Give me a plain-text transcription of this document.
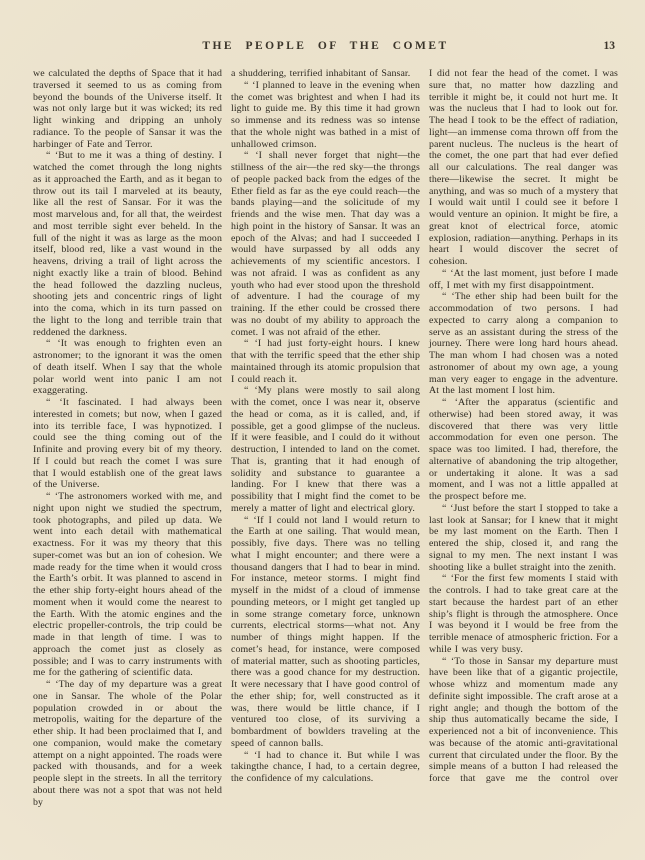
THE PEOPLE OF THE COMET	13

we calculated the depths of Space that it had traversed it seemed to us as coming from beyond the bounds of the Universe itself. It was not only large but it was wicked; its red light winking and dripping an unholy radiance. To the people of Sansar it was the harbinger of Fate and Terror.

“ ‘But to me it was a thing of destiny. I watched the comet through the long nights as it approached the Earth, and as it began to throw out its tail I marveled at its beauty, like all the rest of Sansar. For it was the most marvelous and, for all that, the weirdest and most terrible sight ever beheld. In the full of the night it was as large as the moon itself, blood red, like a vast wound in the heavens, driving a trail of light across the night exactly like a train of blood. Behind the head followed the dazzling nucleus, shooting jets and concentric rings of light into the coma, which in its turn passed on the light to the long and terrible train that reddened the darkness.

“ ‘It was enough to frighten even an astronomer; to the ignorant it was the omen of death itself. When I say that the whole polar world went into panic I am not exaggerating.

“ ‘It fascinated. I had always been interested in comets; but now, when I gazed into its terrible face, I was hypnotized. I could see the thing coming out of the Infinite and proving every bit of my theory. If I could but reach the comet I was sure that I would establish one of the great laws of the Universe.

“ ‘The astronomers worked with me, and night upon night we studied the spectrum, took photographs, and piled up data. We went into each detail with mathematical exactness. For it was my theory that this super-comet was but an ion of cohesion. We made ready for the time when it would cross the Earth’s orbit. It was planned to ascend in the ether ship forty-eight hours ahead of the moment when it would come the nearest to the Earth. With the atomic engines and the electric propeller-controls, the trip could be made in that length of time. I was to approach the comet just as closely as possible; and I was to carry instruments with me for the gathering of scientific data.

“ ‘The day of my departure was a great one in Sansar. The whole of the Polar population crowded in or about the metropolis, waiting for the departure of the ether ship. It had been proclaimed that I, and one companion, would make the cometary attempt on a night appointed. The roads were packed with thousands, and for a week people slept in the streets. In all the territory about there was not a spot that was not held by

a shuddering, terrified inhabitant of Sansar.

“ ‘I planned to leave in the evening when the comet was brightest and when I had its light to guide me. By this time it had grown so immense and its redness was so intense that the whole night was bathed in a mist of unhallowed crimson.

“ ‘I shall never forget that night—the stillness of the air—the red sky—the throngs of people packed back from the edges of the Ether field as far as the eye could reach—the bands playing—and the solicitude of my friends and the wise men. That day was a high point in the history of Sansar. It was an epoch of the Alvas; and had I succeeded I would have surpassed by all odds any achievements of my scientific ancestors. I was not afraid. I was as confident as any youth who had ever stood upon the threshold of adventure. I had the courage of my training. If the ether could be crossed there was no doubt of my ability to approach the comet. I was not afraid of the ether.

“ ‘I had just forty-eight hours. I knew that with the terrific speed that the ether ship maintained through its atomic propulsion that I could reach it.

“ ‘My plans were mostly to sail along with the comet, once I was near it, observe the head or coma, as it is called, and, if possible, get a good glimpse of the nucleus. If it were feasible, and I could do it without destruction, I intended to land on the comet. That is, granting that it had enough of solidity and substance to guarantee a landing. For I knew that there was a possibility that I might find the comet to be merely a matter of light and electrical glory.

“ ‘If I could not land I would return to the Earth at one sailing. That would mean, possibly, five days. There was no telling what I might encounter; and there were a thousand dangers that I had to bear in mind. For instance, meteor storms. I might find myself in the midst of a cloud of immense pounding meteors, or I might get tangled up in some strange cometary force, unknown currents, electrical storms—what not. Any number of things might happen. If the comet’s head, for instance, were composed of material matter, such as shooting particles, there was a good chance for my destruction. It were necessary that I have good control of the ether ship; for, well constructed as it was, there would be little chance, if I ventured too close, of its surviving a bombardment of bowlders traveling at the speed of cannon balls.

“ ‘I had to chance it. But while I was takingthe chance, I had, to a certain degree, the confidence of my calculations.

I did not fear the head of the comet. I was sure that, no matter how dazzling and terrible it might be, it could not hurt me. It was the nucleus that I had to look out for. The head I took to be the effect of radiation, light—an immense coma thrown off from the parent nucleus. The nucleus is the heart of the comet, the one part that had ever defied all our calculations. The real danger was there—likewise the secret. It might be anything, and was so much of a mystery that I would wait until I could see it before I would venture an opinion. It might be fire, a great knot of electrical force, atomic explosion, radiation—anything. Perhaps in its heart I would discover the secret of cohesion.

“ ‘At the last moment, just before I made off, I met with my first disappointment.

“ ‘The ether ship had been built for the accommodation of two persons. I had expected to carry along a companion to serve as an assistant during the stress of the journey. There were long hard hours ahead. The man whom I had chosen was a noted astronomer of about my own age, a young man very eager to engage in the adventure. At the last moment I lost him.

“ ‘After the apparatus (scientific and otherwise) had been stored away, it was discovered that there was very little accommodation for even one person. The space was too limited. I had, therefore, the alternative of abandoning the trip altogether, or undertaking it alone. It was a sad moment, and I was not a little appalled at the prospect before me.

“ ‘Just before the start I stopped to take a last look at Sansar; for I knew that it might be my last moment on the Earth. Then I entered the ship, closed it, and rang the signal to my men. The next instant I was shooting like a bullet straight into the zenith.

“ ‘For the first few moments I staid with the controls. I had to take great care at the start because the hardest part of an ether ship’s flight is through the atmosphere. Once I was beyond it I would be free from the terrible menace of atmospheric friction. For a while I was very busy.

“ ‘To those in Sansar my departure must have been like that of a gigantic projectile, whose whizz and momentum made any definite sight impossible. The craft arose at a right angle; and though the bottom of the ship thus automatically became the side, I experienced not a bit of inconvenience. This was because of the atomic anti-gravitational current that circulated under the floor. By the simple means of a button I had released the force that gave me the control over
